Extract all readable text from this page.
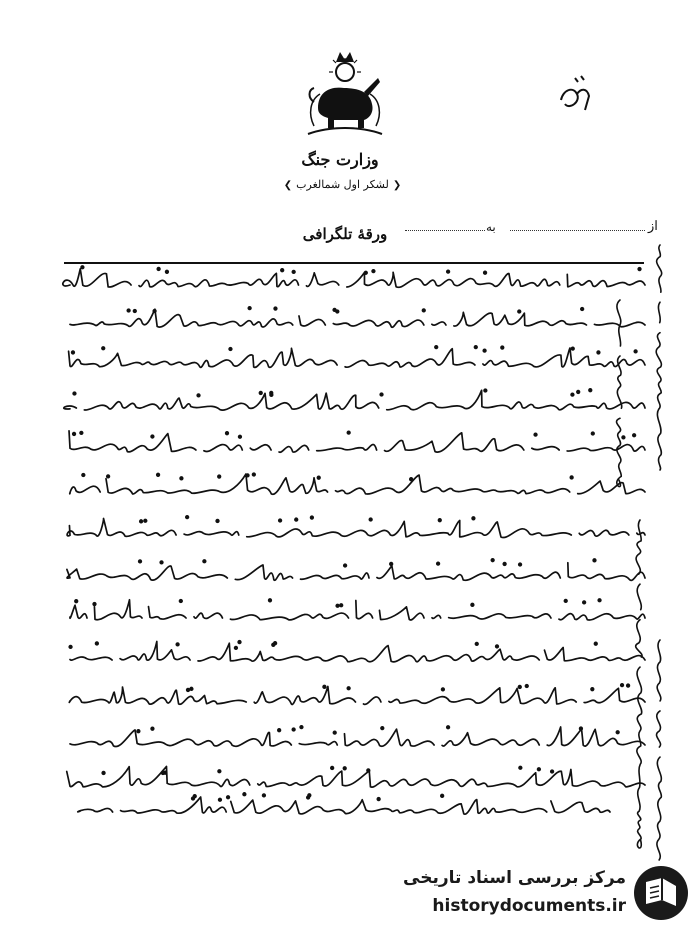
وزارت جنگ
❮ لشکر اول شمالغرب ❯
از
به
ورقهٔ تلگرافی
مرکز بررسی اسناد تاریخی
historydocuments.ir
